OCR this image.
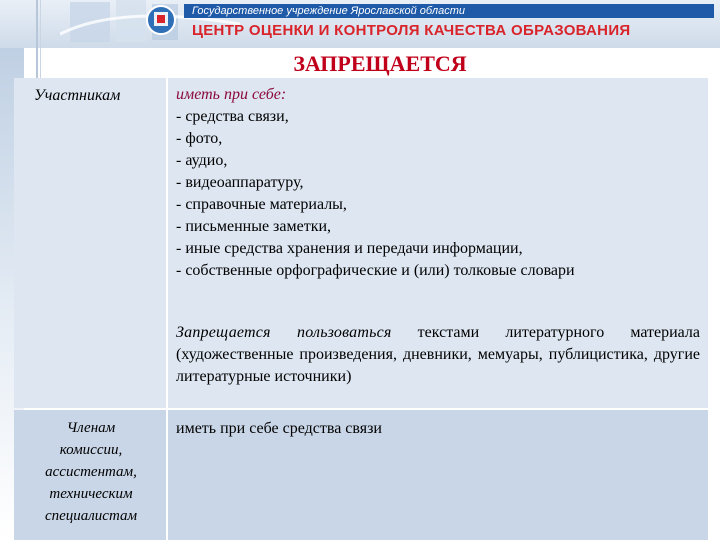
Государственное учреждение Ярославской области
ЦЕНТР ОЦЕНКИ И КОНТРОЛЯ КАЧЕСТВА ОБРАЗОВАНИЯ
ЗАПРЕЩАЕТСЯ
Участникам	иметь при себе:
- средства связи,
- фото,
- аудио,
- видеоаппаратуру,
- справочные материалы,
- письменные заметки,
- иные средства хранения и передачи информации,
- собственные орфографические и (или) толковые словари
Запрещается пользоваться текстами литературного материала (художественные произведения, дневники, мемуары, публицистика, другие литературные источники)
Членам
комиссии,
ассистентам,
техническим
специалистам
иметь при себе средства связи
